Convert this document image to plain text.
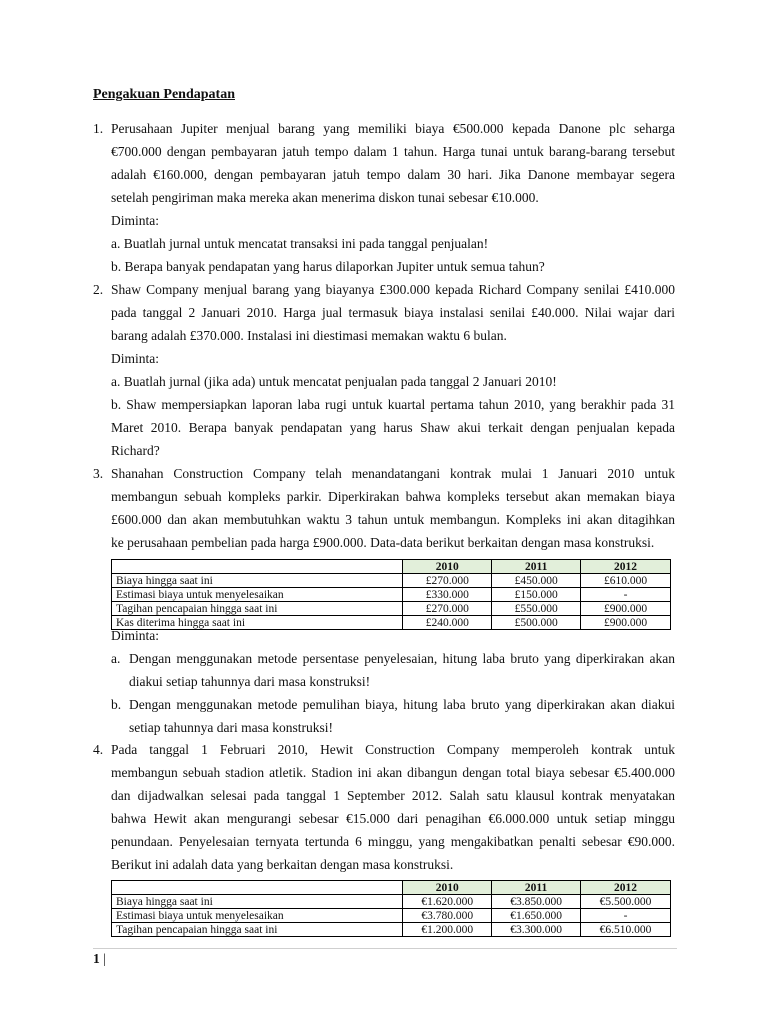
Pengakuan Pendapatan
1. Perusahaan Jupiter menjual barang yang memiliki biaya €500.000 kepada Danone plc seharga
€700.000 dengan pembayaran jatuh tempo dalam 1 tahun. Harga tunai untuk barang-barang tersebut
adalah €160.000, dengan pembayaran jatuh tempo dalam 30 hari. Jika Danone membayar segera
setelah pengiriman maka mereka akan menerima diskon tunai sebesar €10.000.
Diminta:
a. Buatlah jurnal untuk mencatat transaksi ini pada tanggal penjualan!
b. Berapa banyak pendapatan yang harus dilaporkan Jupiter untuk semua tahun?
2. Shaw Company menjual barang yang biayanya £300.000 kepada Richard Company senilai £410.000
pada tanggal 2 Januari 2010. Harga jual termasuk biaya instalasi senilai £40.000. Nilai wajar dari
barang adalah £370.000. Instalasi ini diestimasi memakan waktu 6 bulan.
Diminta:
a. Buatlah jurnal (jika ada) untuk mencatat penjualan pada tanggal 2 Januari 2010!
b. Shaw mempersiapkan laporan laba rugi untuk kuartal pertama tahun 2010, yang berakhir pada 31
Maret 2010. Berapa banyak pendapatan yang harus Shaw akui terkait dengan penjualan kepada
Richard?
3. Shanahan Construction Company telah menandatangani kontrak mulai 1 Januari 2010 untuk
membangun sebuah kompleks parkir. Diperkirakan bahwa kompleks tersebut akan memakan biaya
£600.000 dan akan membutuhkan waktu 3 tahun untuk membangun. Kompleks ini akan ditagihkan
ke perusahaan pembelian pada harga £900.000. Data-data berikut berkaitan dengan masa konstruksi.
	2010	2011	2012
Biaya hingga saat ini	£270.000	£450.000	£610.000
Estimasi biaya untuk menyelesaikan	£330.000	£150.000	-
Tagihan pencapaian hingga saat ini	£270.000	£550.000	£900.000
Kas diterima hingga saat ini	£240.000	£500.000	£900.000
Diminta:
a. Dengan menggunakan metode persentase penyelesaian, hitung laba bruto yang diperkirakan akan
diakui setiap tahunnya dari masa konstruksi!
b. Dengan menggunakan metode pemulihan biaya, hitung laba bruto yang diperkirakan akan diakui
setiap tahunnya dari masa konstruksi!
4. Pada tanggal 1 Februari 2010, Hewit Construction Company memperoleh kontrak untuk
membangun sebuah stadion atletik. Stadion ini akan dibangun dengan total biaya sebesar €5.400.000
dan dijadwalkan selesai pada tanggal 1 September 2012. Salah satu klausul kontrak menyatakan
bahwa Hewit akan mengurangi sebesar €15.000 dari penagihan €6.000.000 untuk setiap minggu
penundaan. Penyelesaian ternyata tertunda 6 minggu, yang mengakibatkan penalti sebesar €90.000.
Berikut ini adalah data yang berkaitan dengan masa konstruksi.
	2010	2011	2012
Biaya hingga saat ini	€1.620.000	€3.850.000	€5.500.000
Estimasi biaya untuk menyelesaikan	€3.780.000	€1.650.000	-
Tagihan pencapaian hingga saat ini	€1.200.000	€3.300.000	€6.510.000
1 |
